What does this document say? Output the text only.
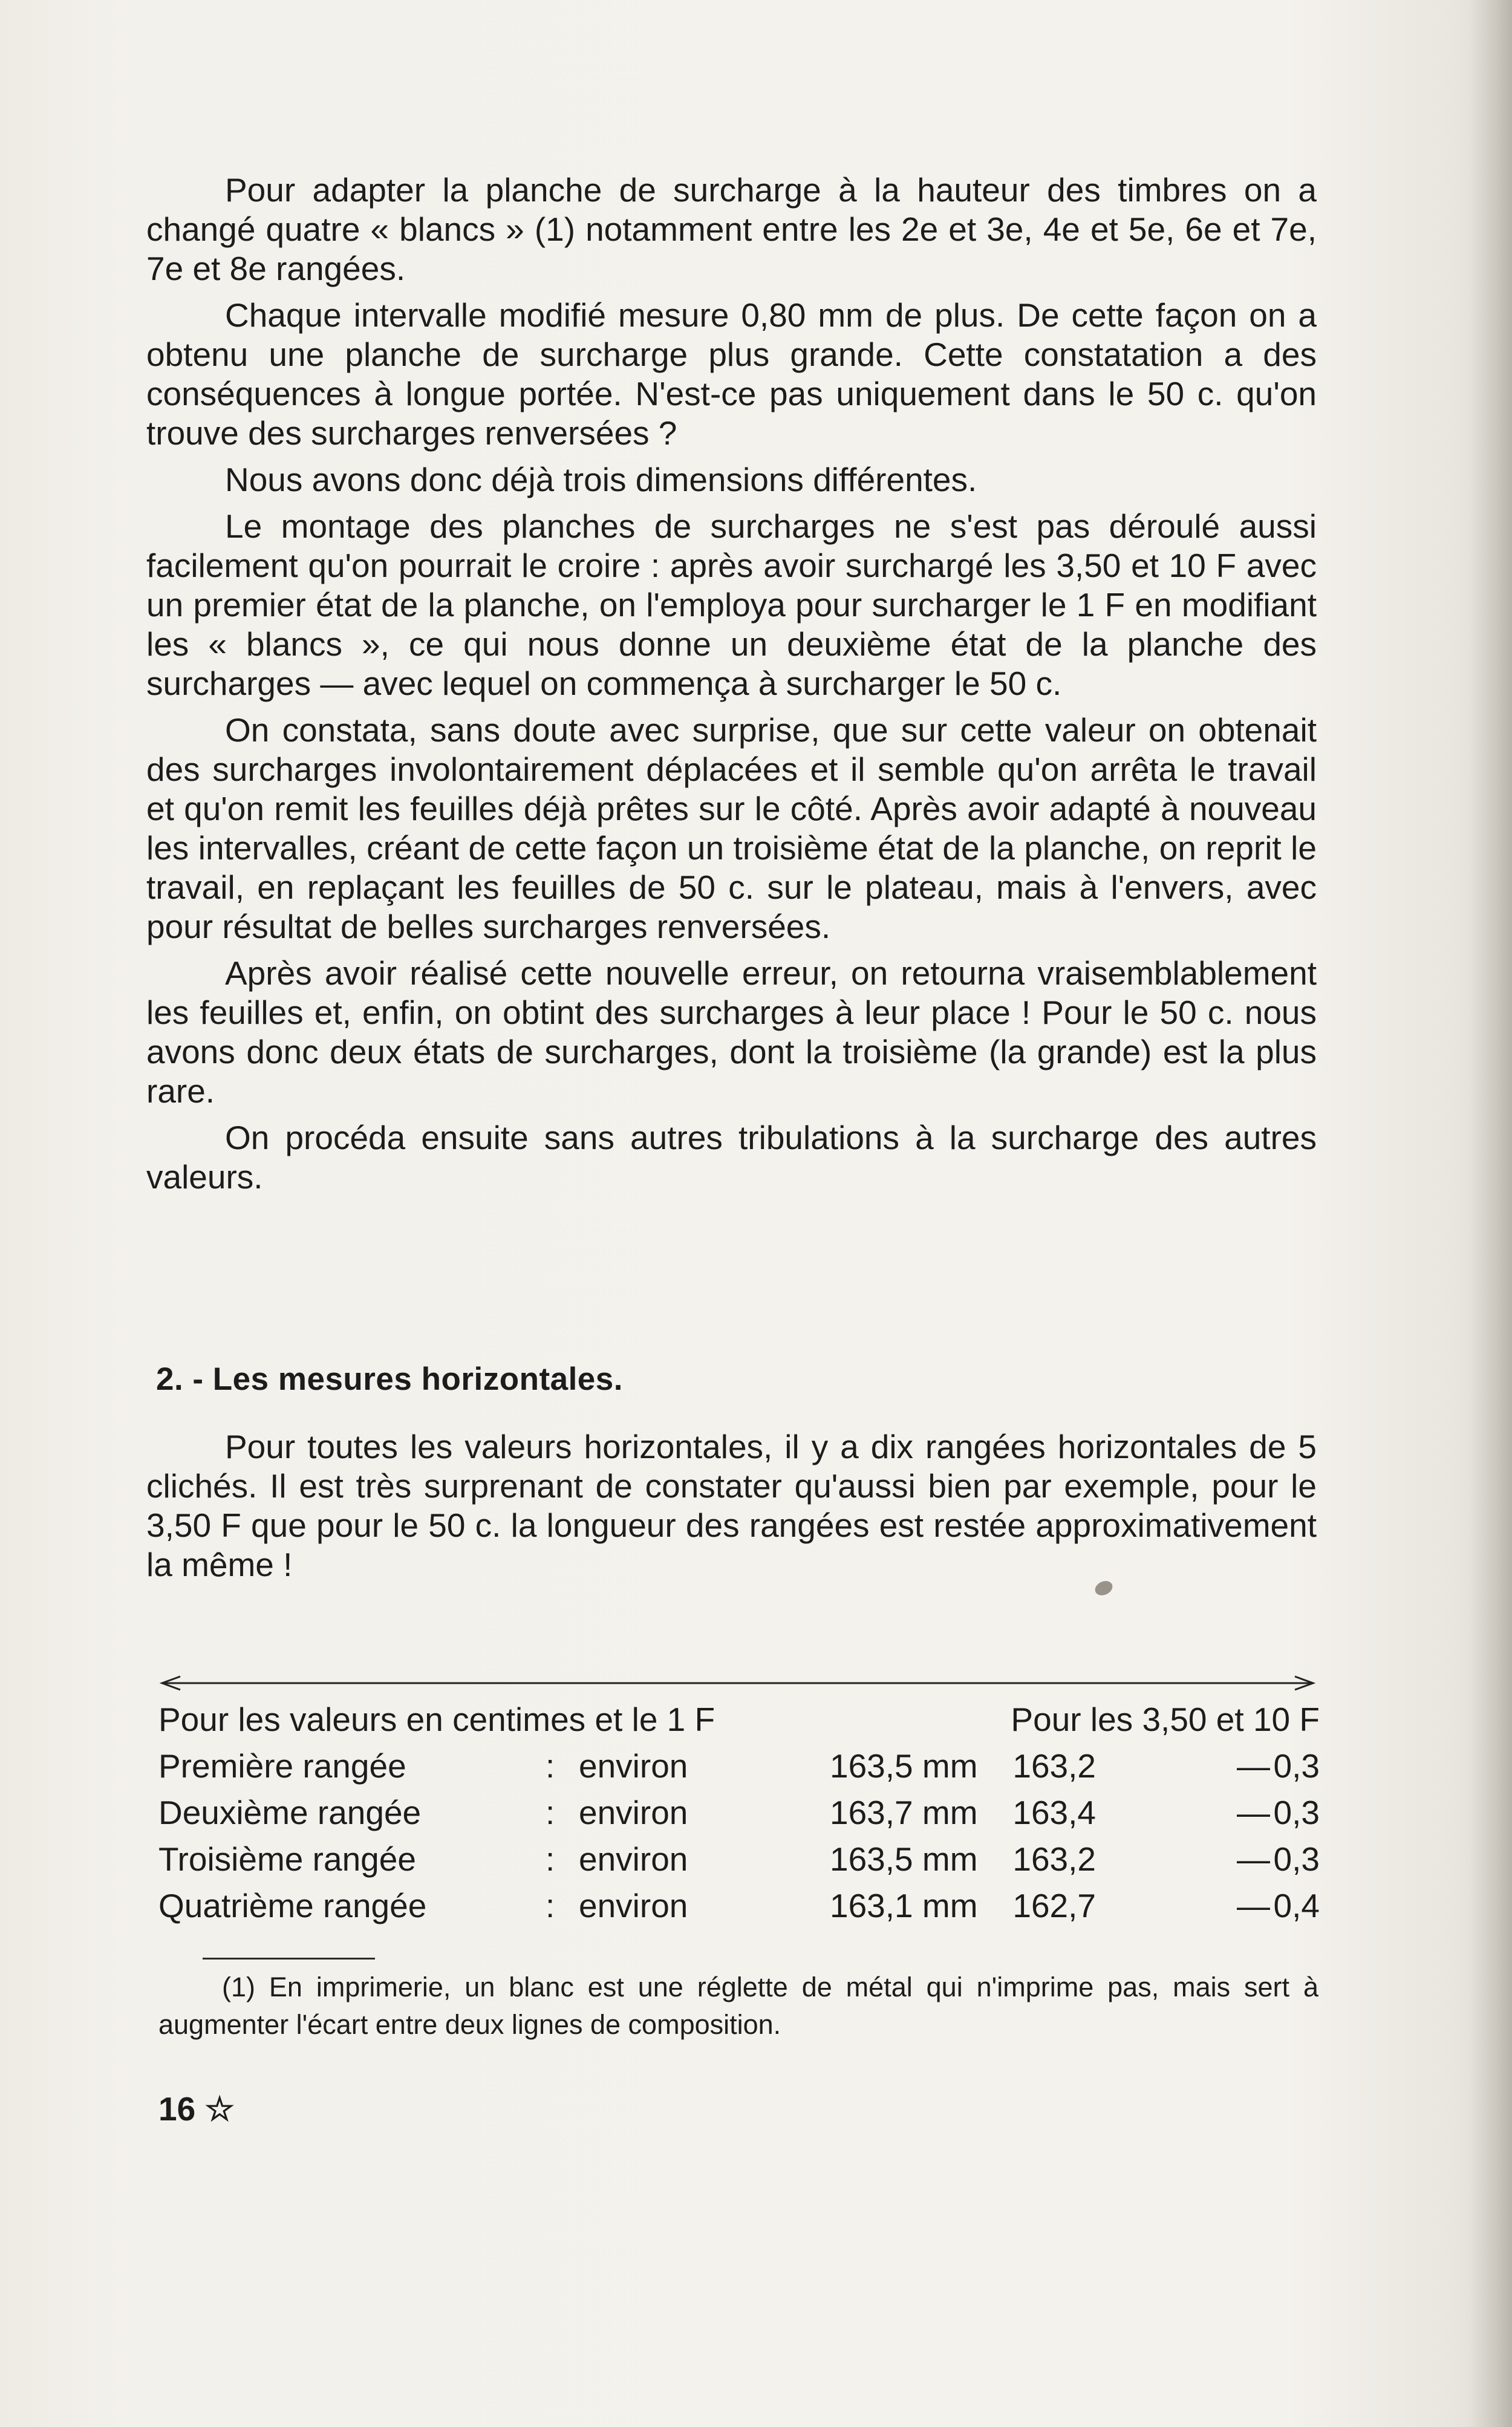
Pour adapter la planche de surcharge à la hauteur des timbres on a changé quatre « blancs » (1) notamment entre les 2e et 3e, 4e et 5e, 6e et 7e, 7e et 8e rangées.

Chaque intervalle modifié mesure 0,80 mm de plus. De cette façon on a obtenu une planche de surcharge plus grande. Cette constatation a des conséquences à longue portée. N'est-ce pas uniquement dans le 50 c. qu'on trouve des surcharges renversées ?

Nous avons donc déjà trois dimensions différentes.

Le montage des planches de surcharges ne s'est pas déroulé aussi facilement qu'on pourrait le croire : après avoir surchargé les 3,50 et 10 F avec un premier état de la planche, on l'employa pour surcharger le 1 F en modifiant les « blancs », ce qui nous donne un deuxième état de la planche des surcharges — avec lequel on commença à surcharger le 50 c.

On constata, sans doute avec surprise, que sur cette valeur on obtenait des surcharges involontairement déplacées et il semble qu'on arrêta le travail et qu'on remit les feuilles déjà prêtes sur le côté. Après avoir adapté à nouveau les intervalles, créant de cette façon un troisième état de la planche, on reprit le travail, en replaçant les feuilles de 50 c. sur le plateau, mais à l'envers, avec pour résultat de belles surcharges renversées.

Après avoir réalisé cette nouvelle erreur, on retourna vraisemblablement les feuilles et, enfin, on obtint des surcharges à leur place ! Pour le 50 c. nous avons donc deux états de surcharges, dont la troisième (la grande) est la plus rare.

On procéda ensuite sans autres tribulations à la surcharge des autres valeurs.

2. - Les mesures horizontales.

Pour toutes les valeurs horizontales, il y a dix rangées horizontales de 5 clichés. Il est très surprenant de constater qu'aussi bien par exemple, pour le 3,50 F que pour le 50 c. la longueur des rangées est restée approximativement la même !

Pour les valeurs en centimes et le 1 F	Pour les 3,50 et 10 F
Première rangée	: environ	163,5 mm 163,2	— 0,3
Deuxième rangée	: environ	163,7 mm 163,4	— 0,3
Troisième rangée	: environ	163,5 mm 163,2	— 0,3
Quatrième rangée	: environ	163,1 mm 162,7	— 0,4

(1) En imprimerie, un blanc est une réglette de métal qui n'imprime pas, mais sert à augmenter l'écart entre deux lignes de composition.

16 ☆
